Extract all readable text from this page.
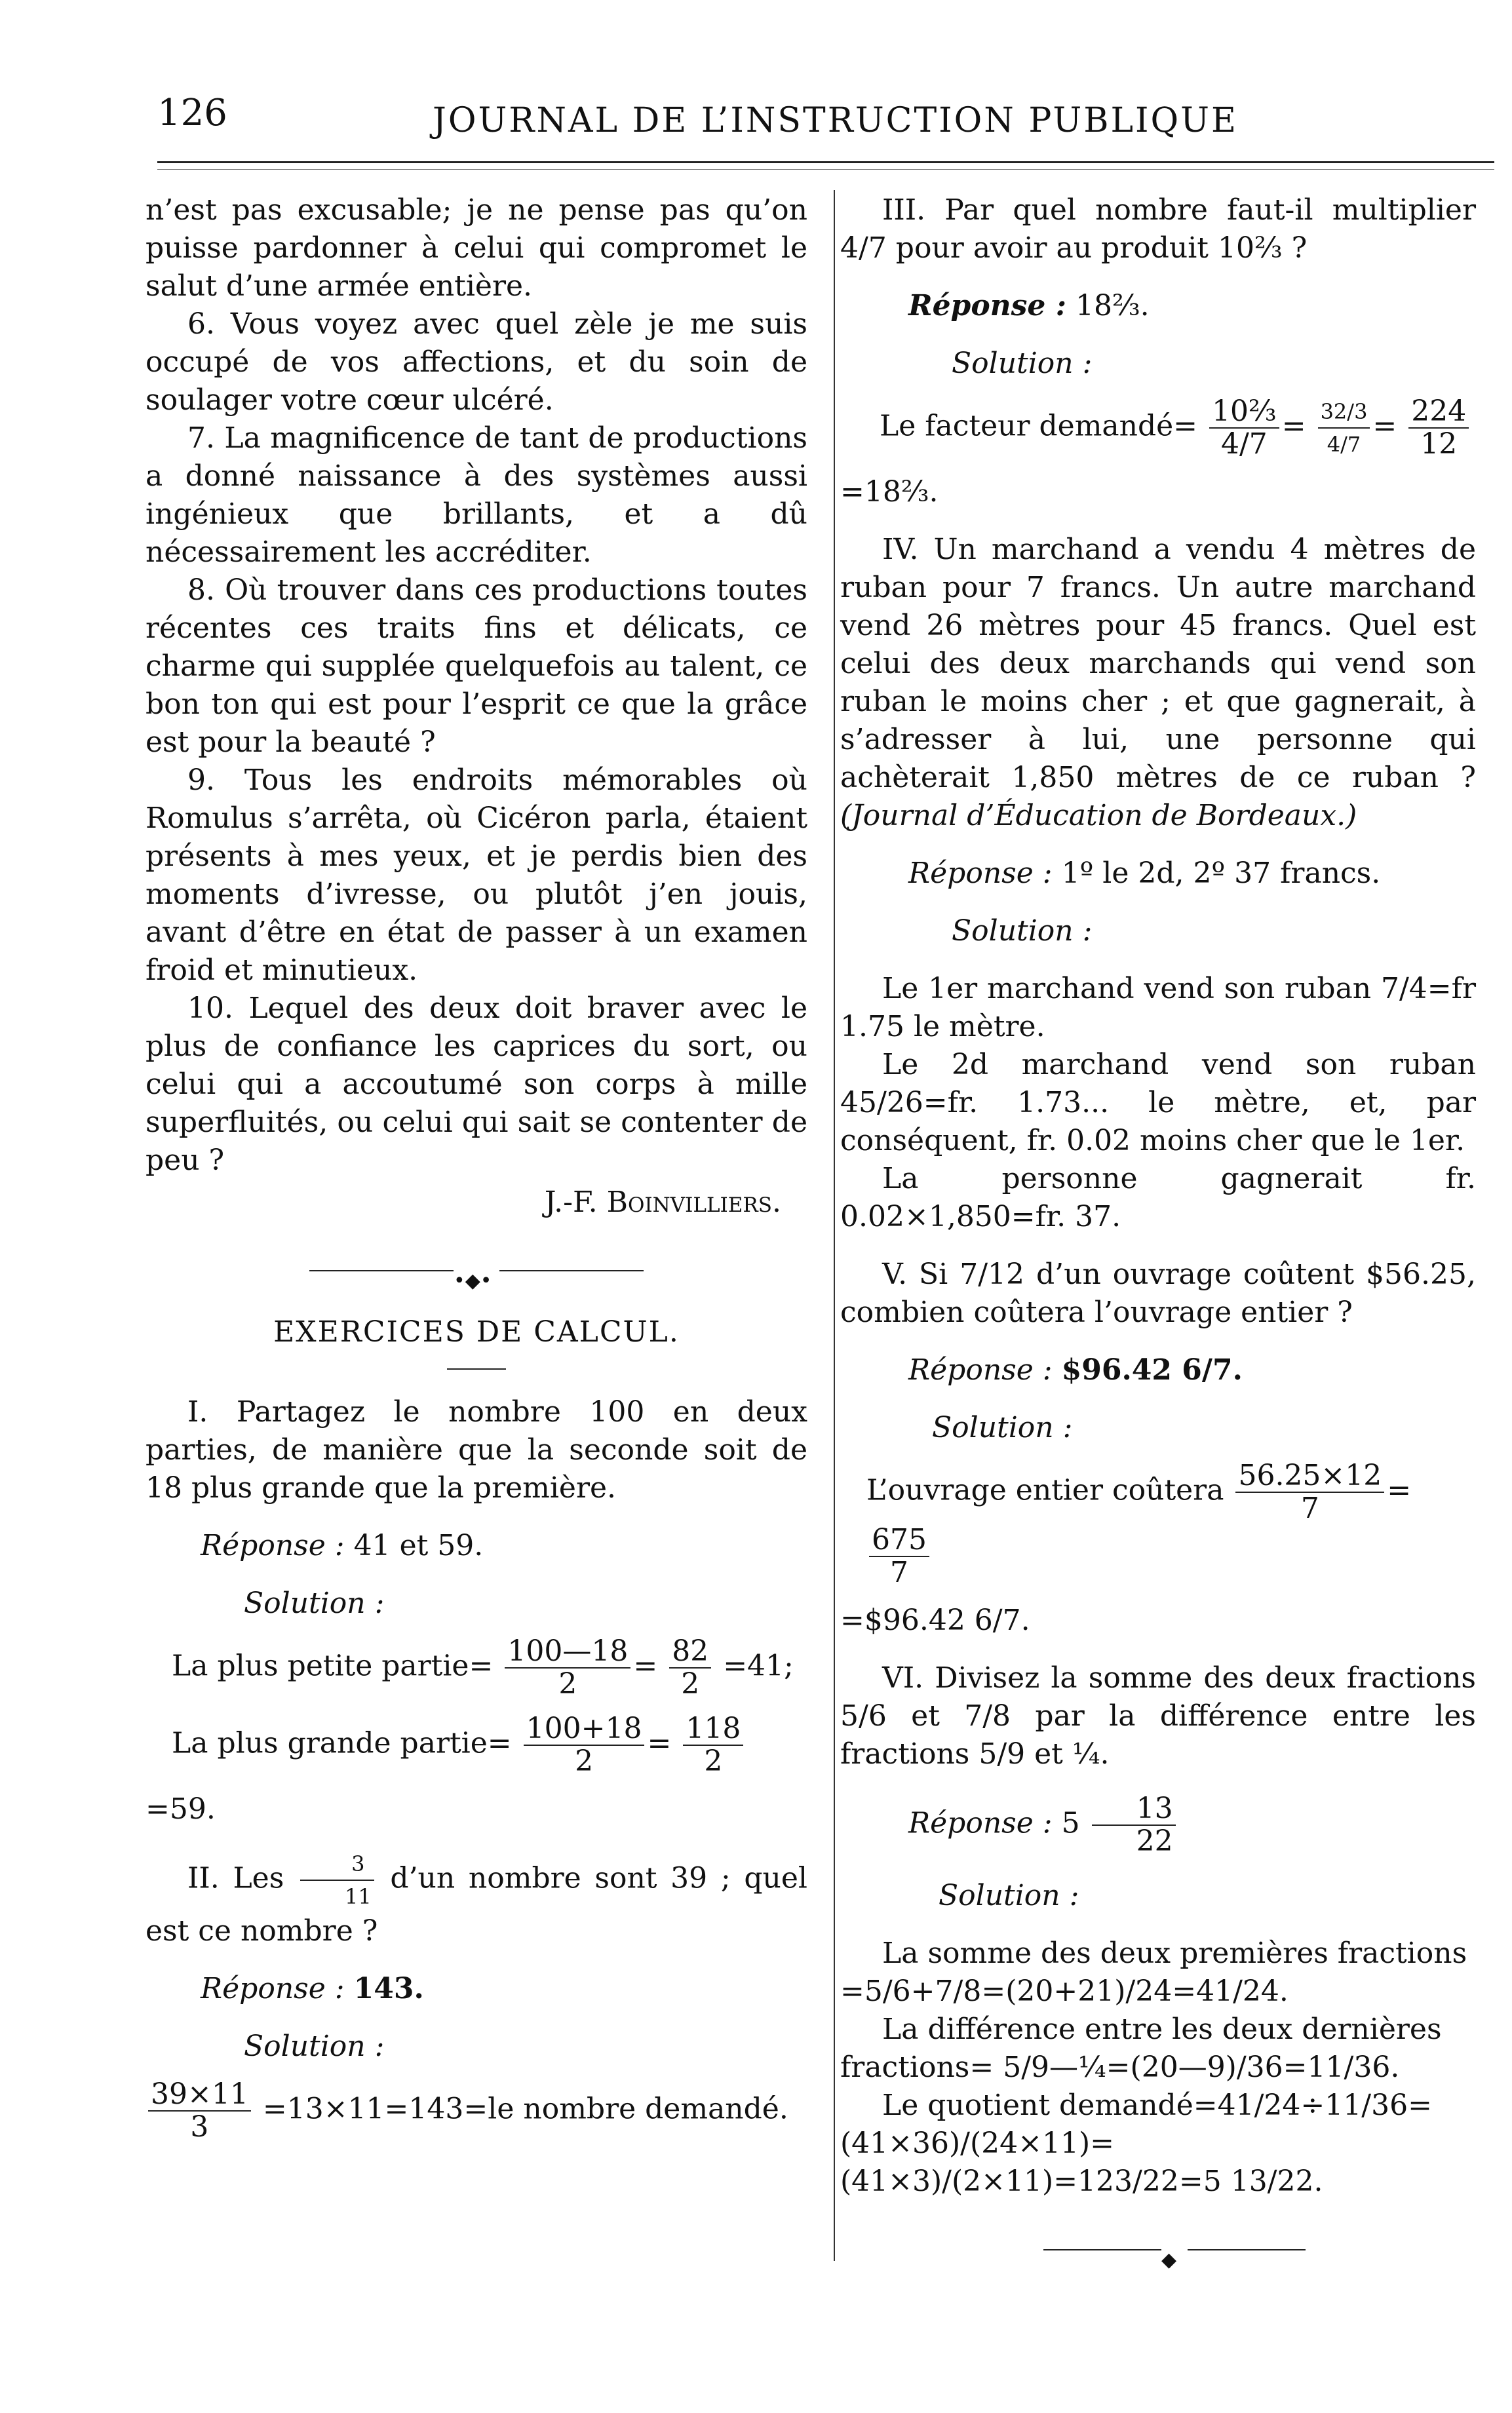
126	JOURNAL DE L’INSTRUCTION PUBLIQUE

n’est pas excusable; je ne pense pas qu’on puisse pardonner à celui qui compromet le salut d’une armée entière.

6. Vous voyez avec quel zèle je me suis occupé de vos affections, et du soin de soulager votre cœur ulcéré.

7. La magnificence de tant de productions a donné naissance à des systèmes aussi ingénieux que brillants, et a dû nécessairement les accréditer.

8. Où trouver dans ces productions toutes récentes ces traits fins et délicats, ce charme qui supplée quelquefois au talent, ce bon ton qui est pour l’esprit ce que la grâce est pour la beauté ?

9. Tous les endroits mémorables où Romulus s’arrêta, où Cicéron parla, étaient présents à mes yeux, et je perdis bien des moments d’ivresse, ou plutôt j’en jouis, avant d’être en état de passer à un examen froid et minutieux.

10. Lequel des deux doit braver avec le plus de confiance les caprices du sort, ou celui qui a accoutumé son corps à mille superfluités, ou celui qui sait se contenter de peu ?

J.-F. Boinvilliers.

•◆•

EXERCICES DE CALCUL.

I. Partagez le nombre 100 en deux parties, de manière que la seconde soit de 18 plus grande que la première.

Réponse : 41 et 59.

Solution :

La plus petite partie= $\frac{100—18}{2} = \frac{82}{2} =41$;
La plus grande partie= $\frac{100+18}{2} = \frac{118}{2}$

=59.

II. Les $\frac{3}{11}$ d’un nombre sont 39 ; quel est ce nombre ?

Réponse : 143.

Solution :

$\frac{39\times 11}{3} =13\times 11=143=le$ nombre demandé.

III. Par quel nombre faut-il multiplier 4/7 pour avoir au produit 10⅔ ?

Réponse : 18⅔.

Solution :

Le facteur demandé= $\frac{\text{10⅔}}{4/7} = \frac{32/3}{4/7} = \frac{224}{12}$

=18⅔.

IV. Un marchand a vendu 4 mètres de ruban pour 7 francs. Un autre marchand vend 26 mètres pour 45 francs. Quel est celui des deux marchands qui vend son ruban le moins cher ; et que gagnerait, à s’adresser à lui, une personne qui achèterait 1,850 mètres de ce ruban ? (Journal d’Éducation de Bordeaux.)

Réponse : 1º le 2d, 2º 37 francs.

Solution :

Le 1er marchand vend son ruban 7/4=fr 1.75 le mètre.

Le 2d marchand vend son ruban 45/26=fr. 1.73... le mètre, et, par conséquent, fr. 0.02 moins cher que le 1er.

La personne gagnerait fr. 0.02×1,850=fr. 37.

V. Si 7/12 d’un ouvrage coûtent $56.25, combien coûtera l’ouvrage entier ?

Réponse : $96.42 6/7.

Solution :

L’ouvrage entier coûtera $\frac{56.25\times 12}{7}$ =
$\frac{675}{7}$

=$96.42 6/7.

VI. Divisez la somme des deux fractions 5/6 et 7/8 par la différence entre les fractions 5/9 et ¼.

Réponse : $5 \frac{13}{22}$

Solution :

La somme des deux premières fractions

=5/6+7/8=(20+21)/24=41/24.

La différence entre les deux dernières

fractions= 5/9—¼=(20—9)/36=11/36.

Le quotient demandé=41/24÷11/36=

(41×36)/(24×11)=(41×3)/(2×11)=123/22=5 13/22.

◆
